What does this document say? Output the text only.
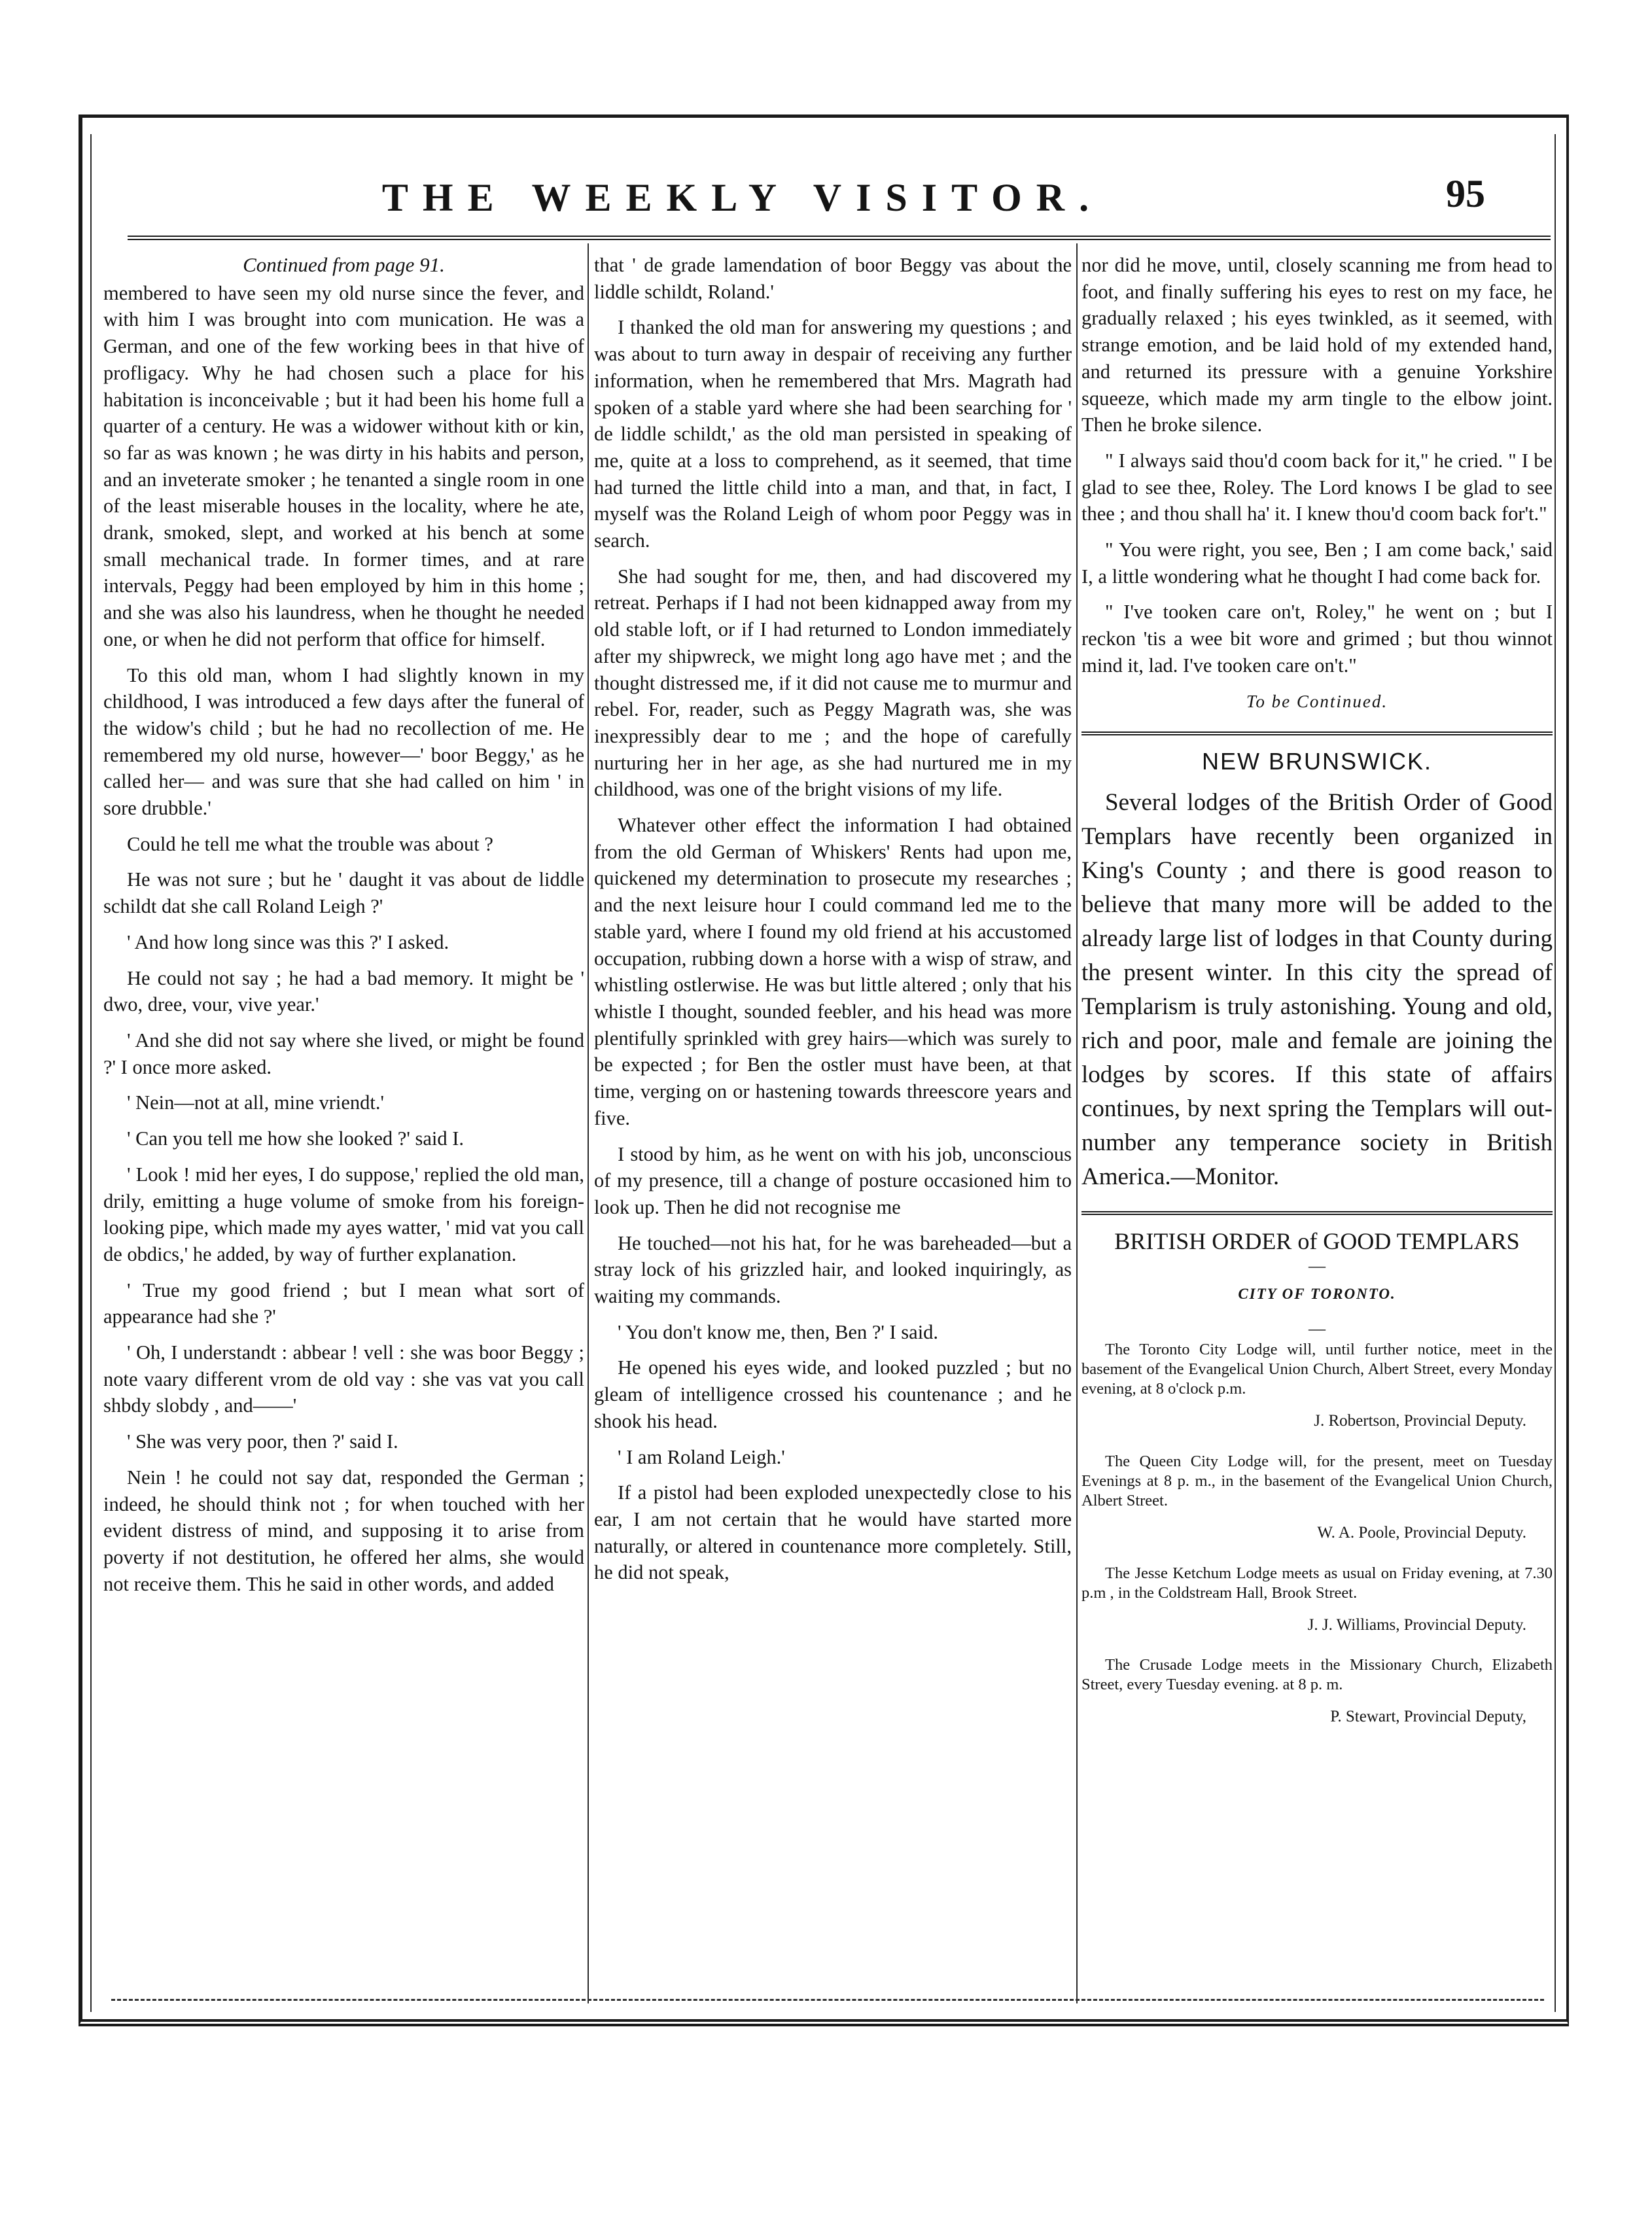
THE WEEKLY VISITOR.	95
Continued from page 91.

membered to have seen my old nurse since the fever, and with him I was brought into com munication. He was a German, and one of the few working bees in that hive of profligacy. Why he had chosen such a place for his habitation is inconceivable ; but it had been his home full a quarter of a century. He was a widower without kith or kin, so far as was known ; he was dirty in his habits and person, and an inveterate smoker ; he tenanted a single room in one of the least miserable houses in the locality, where he ate, drank, smoked, slept, and worked at his bench at some small mechanical trade. In former times, and at rare intervals, Peggy had been employed by him in this home ; and she was also his laundress, when he thought he needed one, or when he did not perform that office for himself.

To this old man, whom I had slightly known in my childhood, I was introduced a few days after the funeral of the widow's child ; but he had no recollection of me. He remembered my old nurse, however—' boor Beggy,' as he called her— and was sure that she had called on him ' in sore drubble.'

Could he tell me what the trouble was about ?

He was not sure ; but he ' daught it vas about de liddle schildt dat she call Roland Leigh ?'

' And how long since was this ?' I asked.

He could not say ; he had a bad memory. It might be ' dwo, dree, vour, vive year.'

' And she did not say where she lived, or might be found ?' I once more asked.

' Nein—not at all, mine vriendt.'

' Can you tell me how she looked ?' said I.

' Look ! mid her eyes, I do suppose,' replied the old man, drily, emitting a huge volume of smoke from his foreign-looking pipe, which made my ayes watter, ' mid vat you call de obdics,' he added, by way of further explanation.

' True my good friend ; but I mean what sort of appearance had she ?'

' Oh, I understandt : abbear ! vell : she was boor Beggy ; note vaary different vrom de old vay : she vas vat you call shbdy slobdy , and——'

' She was very poor, then ?' said I.

Nein ! he could not say dat, responded the German ; indeed, he should think not ; for when touched with her evident distress of mind, and supposing it to arise from poverty if not destitution, he offered her alms, she would not receive them. This he said in other words, and added

that ' de grade lamendation of boor Beggy vas about the liddle schildt, Roland.'

I thanked the old man for answering my questions ; and was about to turn away in despair of receiving any further information, when he remembered that Mrs. Magrath had spoken of a stable yard where she had been searching for ' de liddle schildt,' as the old man persisted in speaking of me, quite at a loss to comprehend, as it seemed, that time had turned the little child into a man, and that, in fact, I myself was the Roland Leigh of whom poor Peggy was in search.

She had sought for me, then, and had discovered my retreat. Perhaps if I had not been kidnapped away from my old stable loft, or if I had returned to London immediately after my shipwreck, we might long ago have met ; and the thought distressed me, if it did not cause me to murmur and rebel. For, reader, such as Peggy Magrath was, she was inexpressibly dear to me ; and the hope of carefully nurturing her in her age, as she had nurtured me in my childhood, was one of the bright visions of my life.

Whatever other effect the information I had obtained from the old German of Whiskers' Rents had upon me, quickened my determination to prosecute my researches ; and the next leisure hour I could command led me to the stable yard, where I found my old friend at his accustomed occupation, rubbing down a horse with a wisp of straw, and whistling ostlerwise. He was but little altered ; only that his whistle I thought, sounded feebler, and his head was more plentifully sprinkled with grey hairs—which was surely to be expected ; for Ben the ostler must have been, at that time, verging on or hastening towards threescore years and five.

I stood by him, as he went on with his job, unconscious of my presence, till a change of posture occasioned him to look up. Then he did not recognise me

He touched—not his hat, for he was bareheaded—but a stray lock of his grizzled hair, and looked inquiringly, as waiting my commands.

' You don't know me, then, Ben ?' I said.

He opened his eyes wide, and looked puzzled ; but no gleam of intelligence crossed his countenance ; and he shook his head.

' I am Roland Leigh.'

If a pistol had been exploded unexpectedly close to his ear, I am not certain that he would have started more naturally, or altered in countenance more completely. Still, he did not speak,

nor did he move, until, closely scanning me from head to foot, and finally suffering his eyes to rest on my face, he gradually relaxed ; his eyes twinkled, as it seemed, with strange emotion, and be laid hold of my extended hand, and returned its pressure with a genuine Yorkshire squeeze, which made my arm tingle to the elbow joint. Then he broke silence.

" I always said thou'd coom back for it," he cried. " I be glad to see thee, Roley. The Lord knows I be glad to see thee ; and thou shall ha' it. I knew thou'd coom back for't."

" You were right, you see, Ben ; I am come back,' said I, a little wondering what he thought I had come back for.

" I've tooken care on't, Roley," he went on ; but I reckon 'tis a wee bit wore and grimed ; but thou winnot mind it, lad. I've tooken care on't."

To be Continued.
NEW BRUNSWICK.

Several lodges of the British Order of Good Templars have recently been organized in King's County ; and there is good reason to believe that many more will be added to the already large list of lodges in that County during the present winter. In this city the spread of Templarism is truly astonishing. Young and old, rich and poor, male and female are joining the lodges by scores. If this state of affairs continues, by next spring the Templars will out-number any temperance society in British America.—Monitor.

BRITISH ORDER of GOOD TEMPLARS
—
CITY OF TORONTO.
—

The Toronto City Lodge will, until further notice, meet in the basement of the Evangelical Union Church, Albert Street, every Monday evening, at 8 o'clock p.m.

J. Robertson, Provincial Deputy.

The Queen City Lodge will, for the present, meet on Tuesday Evenings at 8 p. m., in the basement of the Evangelical Union Church, Albert Street.

W. A. Poole, Provincial Deputy.

The Jesse Ketchum Lodge meets as usual on Friday evening, at 7.30 p.m , in the Coldstream Hall, Brook Street.

J. J. Williams, Provincial Deputy.

The Crusade Lodge meets in the Missionary Church, Elizabeth Street, every Tuesday evening. at 8 p. m.

P. Stewart, Provincial Deputy,
